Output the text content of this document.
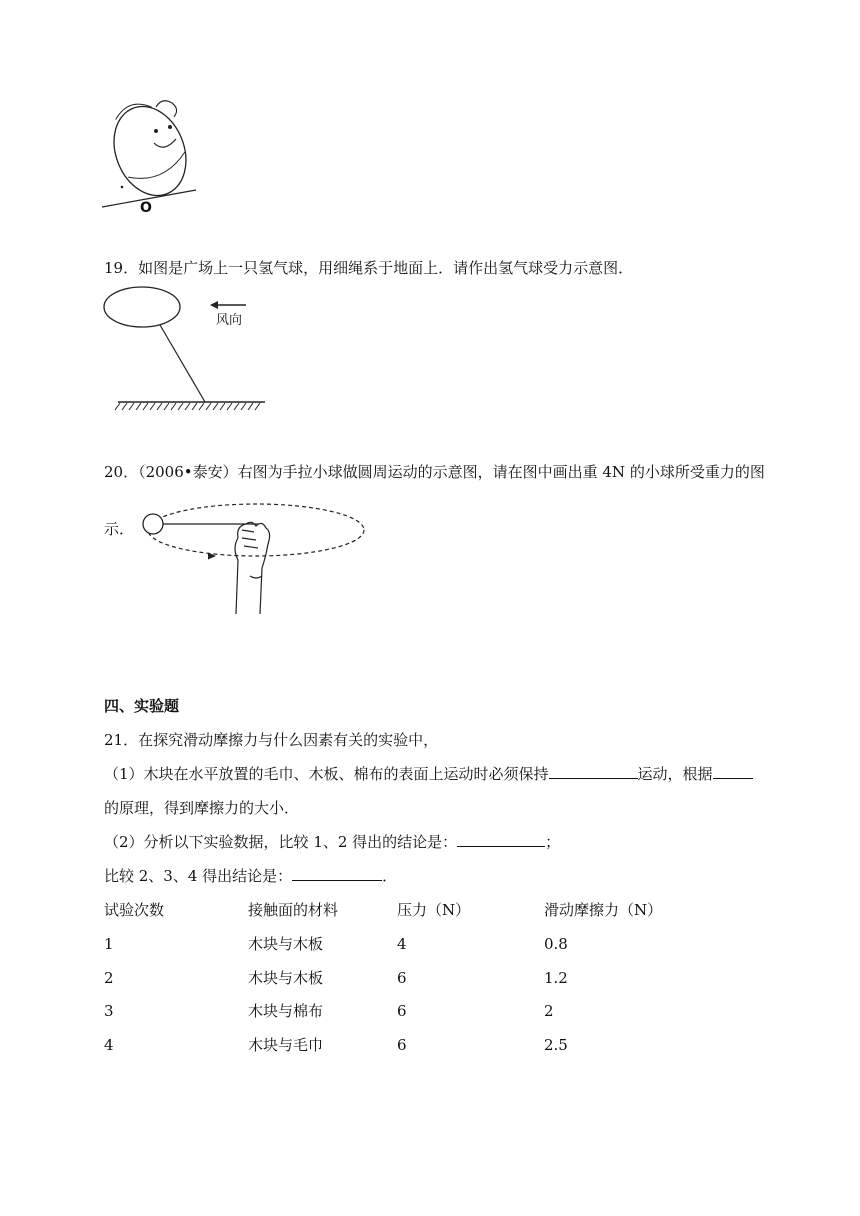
O
19．如图是广场上一只氢气球，用细绳系于地面上．请作出氢气球受力示意图．
风向
20．（2006•泰安）右图为手拉小球做圆周运动的示意图，请在图中画出重 4N 的小球所受重力的图
示．
四、实验题
21．在探究滑动摩擦力与什么因素有关的实验中，
（1）木块在水平放置的毛巾、木板、棉布的表面上运动时必须保持	运动，根据
的原理，得到摩擦力的大小．
（2）分析以下实验数据，比较 1、2 得出的结论是：	；
比较 2、3、4 得出结论是：	．
试验次数	接触面的材料	压力（N）	滑动摩擦力（N）
1	木块与木板	4	0.8
2	木块与木板	6	1.2
3	木块与棉布	6	2
4	木块与毛巾	6	2.5
